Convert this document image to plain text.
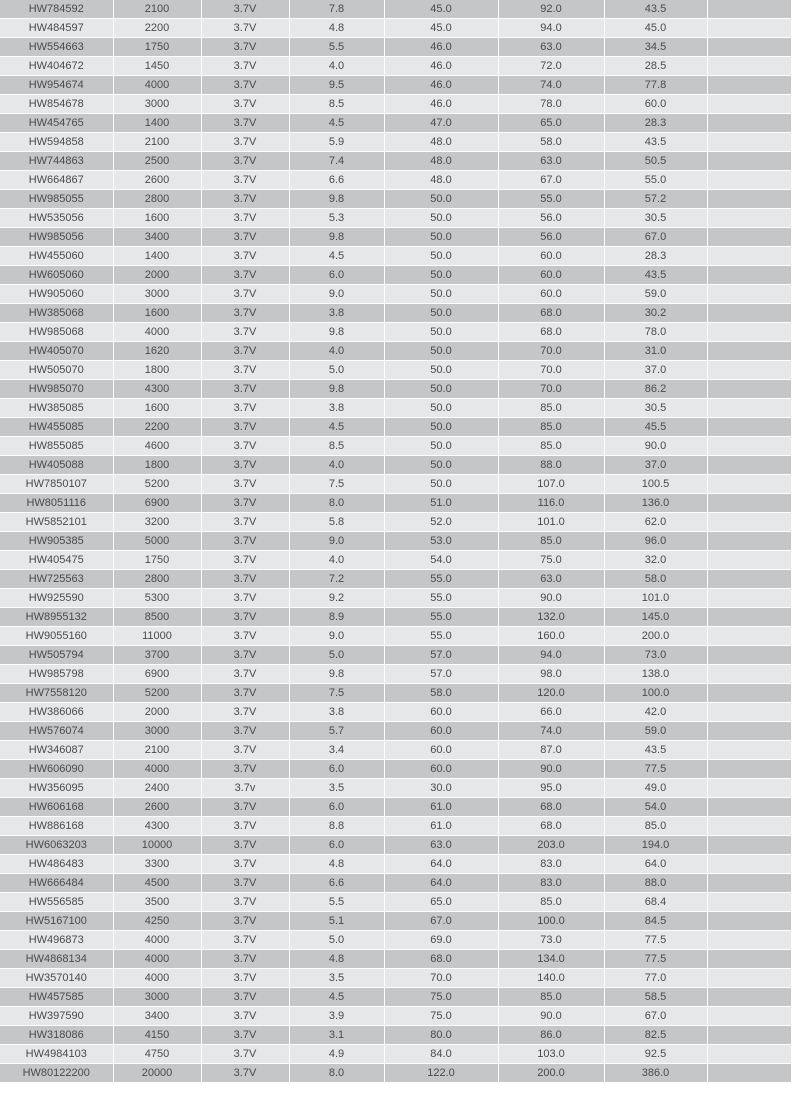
HW784592	2100	3.7V	7.8	45.0	92.0	43.5	
HW484597	2200	3.7V	4.8	45.0	94.0	45.0	
HW554663	1750	3.7V	5.5	46.0	63.0	34.5	
HW404672	1450	3.7V	4.0	46.0	72.0	28.5	
HW954674	4000	3.7V	9.5	46.0	74.0	77.8	
HW854678	3000	3.7V	8.5	46.0	78.0	60.0	
HW454765	1400	3.7V	4.5	47.0	65.0	28.3	
HW594858	2100	3.7V	5.9	48.0	58.0	43.5	
HW744863	2500	3.7V	7.4	48.0	63.0	50.5	
HW664867	2600	3.7V	6.6	48.0	67.0	55.0	
HW985055	2800	3.7V	9.8	50.0	55.0	57.2	
HW535056	1600	3.7V	5.3	50.0	56.0	30.5	
HW985056	3400	3.7V	9.8	50.0	56.0	67.0	
HW455060	1400	3.7V	4.5	50.0	60.0	28.3	
HW605060	2000	3.7V	6.0	50.0	60.0	43.5	
HW905060	3000	3.7V	9.0	50.0	60.0	59.0	
HW385068	1600	3.7V	3.8	50.0	68.0	30.2	
HW985068	4000	3.7V	9.8	50.0	68.0	78.0	
HW405070	1620	3.7V	4.0	50.0	70.0	31.0	
HW505070	1800	3.7V	5.0	50.0	70.0	37.0	
HW985070	4300	3.7V	9.8	50.0	70.0	86.2	
HW385085	1600	3.7V	3.8	50.0	85.0	30.5	
HW455085	2200	3.7V	4.5	50.0	85.0	45.5	
HW855085	4600	3.7V	8.5	50.0	85.0	90.0	
HW405088	1800	3.7V	4.0	50.0	88.0	37.0	
HW7850107	5200	3.7V	7.5	50.0	107.0	100.5	
HW8051116	6900	3.7V	8.0	51.0	116.0	136.0	
HW5852101	3200	3.7V	5.8	52.0	101.0	62.0	
HW905385	5000	3.7V	9.0	53.0	85.0	96.0	
HW405475	1750	3.7V	4.0	54.0	75.0	32.0	
HW725563	2800	3.7V	7.2	55.0	63.0	58.0	
HW925590	5300	3.7V	9.2	55.0	90.0	101.0	
HW8955132	8500	3.7V	8.9	55.0	132.0	145.0	
HW9055160	11000	3.7V	9.0	55.0	160.0	200.0	
HW505794	3700	3.7V	5.0	57.0	94.0	73.0	
HW985798	6900	3.7V	9.8	57.0	98.0	138.0	
HW7558120	5200	3.7V	7.5	58.0	120.0	100.0	
HW386066	2000	3.7V	3.8	60.0	66.0	42.0	
HW576074	3000	3.7V	5.7	60.0	74.0	59.0	
HW346087	2100	3.7V	3.4	60.0	87.0	43.5	
HW606090	4000	3.7V	6.0	60.0	90.0	77.5	
HW356095	2400	3.7v	3.5	30.0	95.0	49.0	
HW606168	2600	3.7V	6.0	61.0	68.0	54.0	
HW886168	4300	3.7V	8.8	61.0	68.0	85.0	
HW6063203	10000	3.7V	6.0	63.0	203.0	194.0	
HW486483	3300	3.7V	4.8	64.0	83.0	64.0	
HW666484	4500	3.7V	6.6	64.0	83.0	88.0	
HW556585	3500	3.7V	5.5	65.0	85.0	68.4	
HW5167100	4250	3.7V	5.1	67.0	100.0	84.5	
HW496873	4000	3.7V	5.0	69.0	73.0	77.5	
HW4868134	4000	3.7V	4.8	68.0	134.0	77.5	
HW3570140	4000	3.7V	3.5	70.0	140.0	77.0	
HW457585	3000	3.7V	4.5	75.0	85.0	58.5	
HW397590	3400	3.7V	3.9	75.0	90.0	67.0	
HW318086	4150	3.7V	3.1	80.0	86.0	82.5	
HW4984103	4750	3.7V	4.9	84.0	103.0	92.5	
HW80122200	20000	3.7V	8.0	122.0	200.0	386.0	
